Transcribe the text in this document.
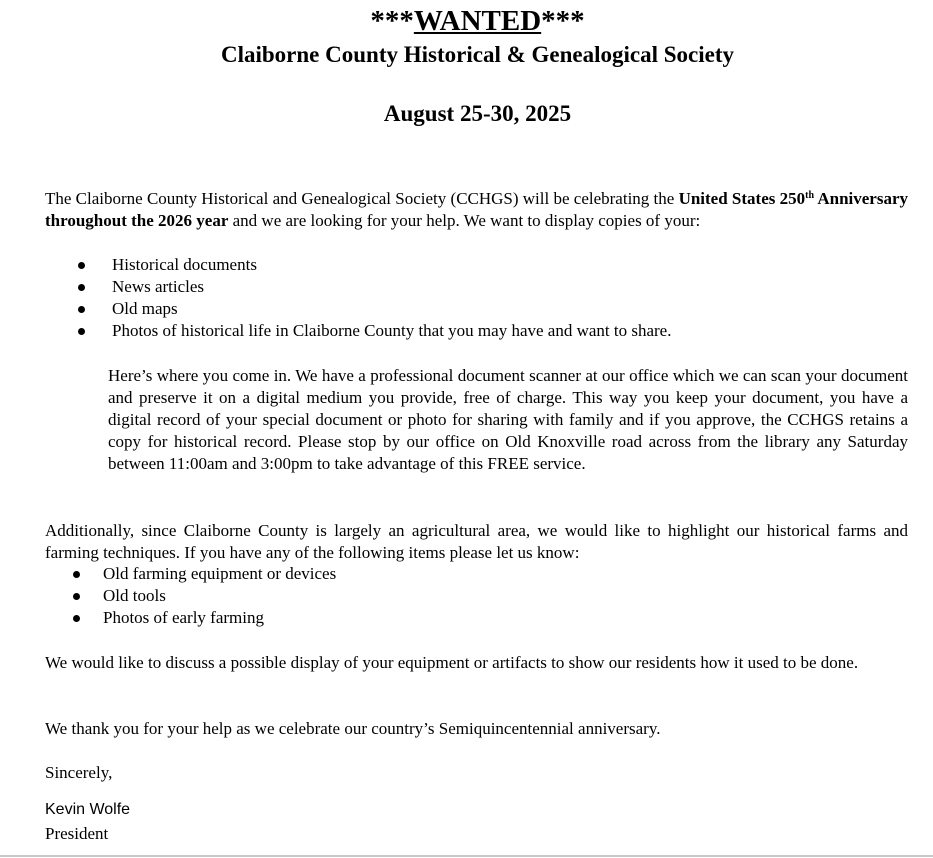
***WANTED***
Claiborne County Historical & Genealogical Society
August 25-30, 2025

The Claiborne County Historical and Genealogical Society (CCHGS) will be celebrating the United States 250th Anniversary throughout the 2026 year and we are looking for your help. We want to display copies of your:

Historical documents
News articles
Old maps
Photos of historical life in Claiborne County that you may have and want to share.

Here’s where you come in. We have a professional document scanner at our office which we can scan your document and preserve it on a digital medium you provide, free of charge. This way you keep your document, you have a digital record of your special document or photo for sharing with family and if you approve, the CCHGS retains a copy for historical record. Please stop by our office on Old Knoxville road across from the library any Saturday between 11:00am and 3:00pm to take advantage of this FREE service.

Additionally, since Claiborne County is largely an agricultural area, we would like to highlight our historical farms and farming techniques. If you have any of the following items please let us know:

Old farming equipment or devices
Old tools
Photos of early farming

We would like to discuss a possible display of your equipment or artifacts to show our residents how it used to be done.

We thank you for your help as we celebrate our country’s Semiquincentennial anniversary.

Sincerely,

Kevin Wolfe

President
